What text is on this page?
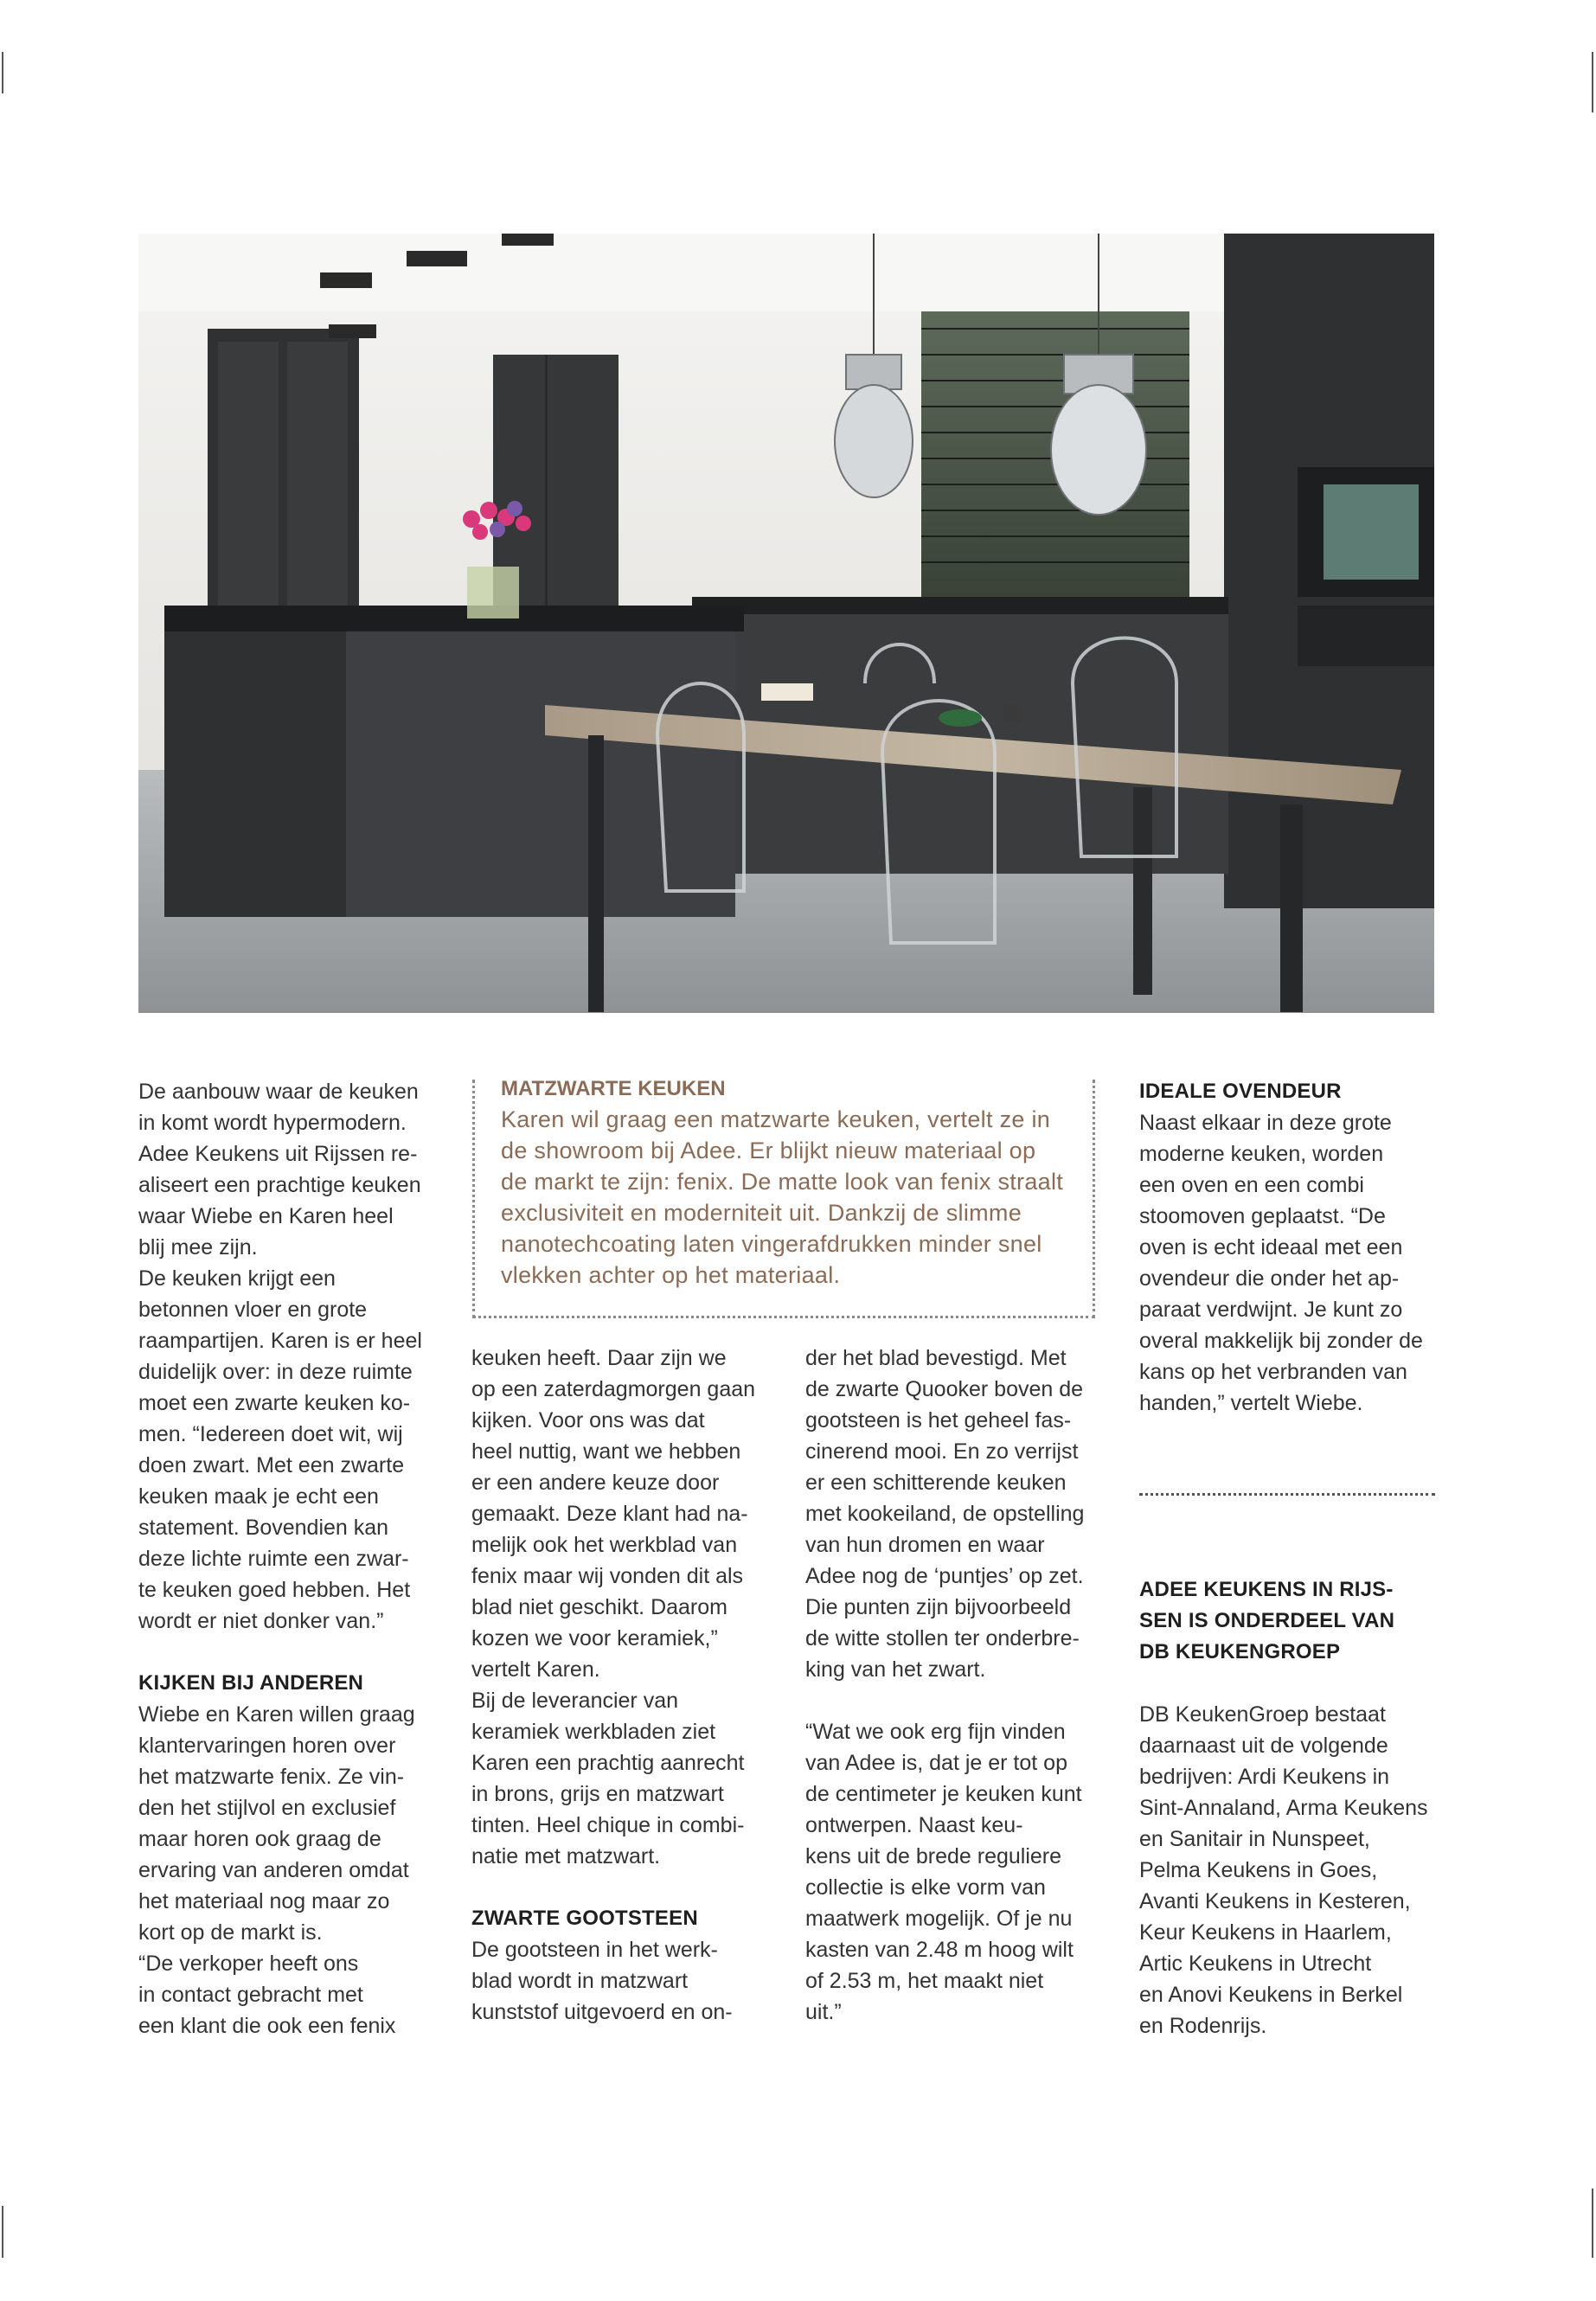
De aanbouw waar de keuken
in komt wordt hypermodern.
Adee Keukens uit Rijssen re-
aliseert een prachtige keuken
waar Wiebe en Karen heel
blij mee zijn.
De keuken krijgt een
betonnen vloer en grote
raampartijen. Karen is er heel
duidelijk over: in deze ruimte
moet een zwarte keuken ko-
men. “Iedereen doet wit, wij
doen zwart. Met een zwarte
keuken maak je echt een
statement. Bovendien kan
deze lichte ruimte een zwar-
te keuken goed hebben. Het
wordt er niet donker van.”

KIJKEN BIJ ANDEREN

Wiebe en Karen willen graag
klantervaringen horen over
het matzwarte fenix. Ze vin-
den het stijlvol en exclusief
maar horen ook graag de
ervaring van anderen omdat
het materiaal nog maar zo
kort op de markt is.
“De verkoper heeft ons
in contact gebracht met
een klant die ook een fenix

MATZWARTE KEUKEN

Karen wil graag een matzwarte keuken, vertelt ze in
de showroom bij Adee. Er blijkt nieuw materiaal op
de markt te zijn: fenix. De matte look van fenix straalt
exclusiviteit en moderniteit uit. Dankzij de slimme
nanotechcoating laten vingerafdrukken minder snel
vlekken achter op het materiaal.

keuken heeft. Daar zijn we
op een zaterdagmorgen gaan
kijken. Voor ons was dat
heel nuttig, want we hebben
er een andere keuze door
gemaakt. Deze klant had na-
melijk ook het werkblad van
fenix maar wij vonden dit als
blad niet geschikt. Daarom
kozen we voor keramiek,”
vertelt Karen.
Bij de leverancier van
keramiek werkbladen ziet
Karen een prachtig aanrecht
in brons, grijs en matzwart
tinten. Heel chique in combi-
natie met matzwart.

ZWARTE GOOTSTEEN

De gootsteen in het werk-
blad wordt in matzwart
kunststof uitgevoerd en on-

der het blad bevestigd. Met
de zwarte Quooker boven de
gootsteen is het geheel fas-
cinerend mooi. En zo verrijst
er een schitterende keuken
met kookeiland, de opstelling
van hun dromen en waar
Adee nog de ‘puntjes’ op zet.
Die punten zijn bijvoorbeeld
de witte stollen ter onderbre-
king van het zwart.

“Wat we ook erg fijn vinden
van Adee is, dat je er tot op
de centimeter je keuken kunt
ontwerpen. Naast keu-
kens uit de brede reguliere
collectie is elke vorm van
maatwerk mogelijk. Of je nu
kasten van 2.48 m hoog wilt
of 2.53 m, het maakt niet
uit.”

IDEALE OVENDEUR

Naast elkaar in deze grote
moderne keuken, worden
een oven en een combi
stoomoven geplaatst. “De
oven is echt ideaal met een
ovendeur die onder het ap-
paraat verdwijnt. Je kunt zo
overal makkelijk bij zonder de
kans op het verbranden van
handen,” vertelt Wiebe.

ADEE KEUKENS IN RIJS-
SEN IS ONDERDEEL VAN
DB KEUKENGROEP

DB KeukenGroep bestaat
daarnaast uit de volgende
bedrijven: Ardi Keukens in
Sint-Annaland, Arma Keukens
en Sanitair in Nunspeet,
Pelma Keukens in Goes,
Avanti Keukens in Kesteren,
Keur Keukens in Haarlem,
Artic Keukens in Utrecht
en Anovi Keukens in Berkel
en Rodenrijs.
